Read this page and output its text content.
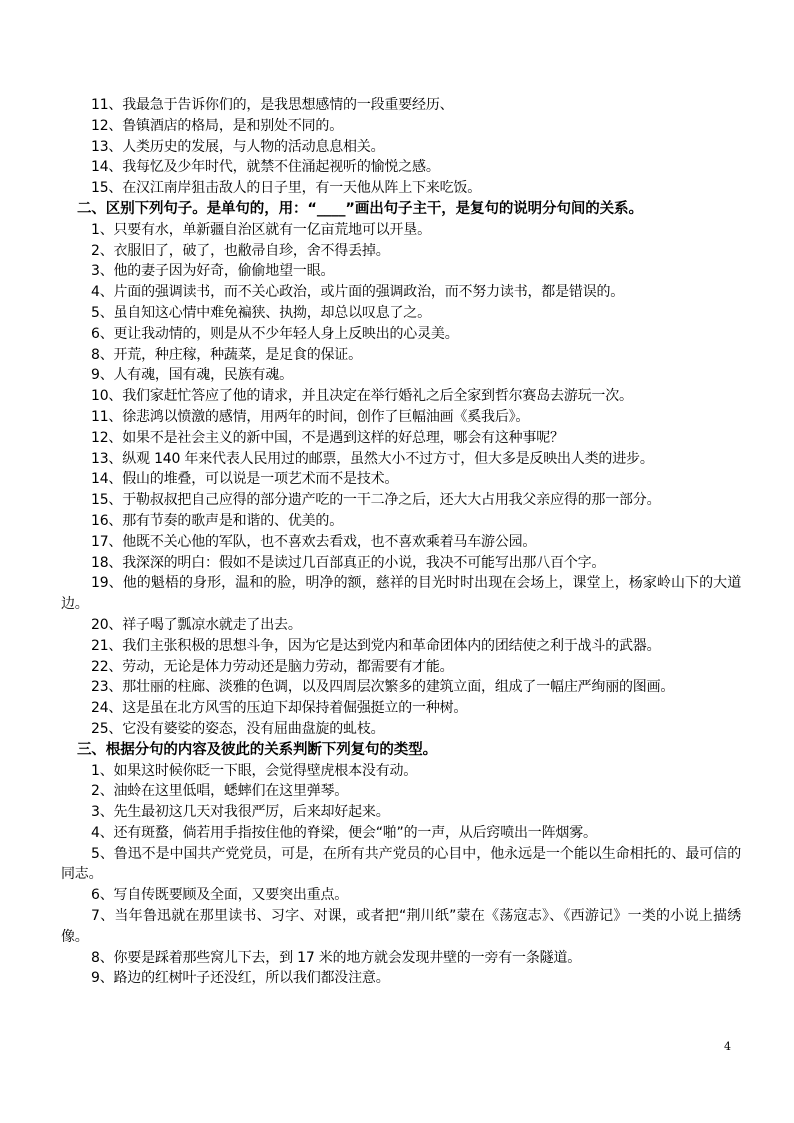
11、我最急于告诉你们的，是我思想感情的一段重要经历、
12、鲁镇酒店的格局，是和别处不同的。
13、人类历史的发展，与人物的活动息息相关。
14、我每忆及少年时代，就禁不住涌起视听的愉悦之感。
15、在汉江南岸狙击敌人的日子里，有一天他从阵上下来吃饭。
二、区别下列句子。是单句的，用：“____”画出句子主干，是复句的说明分句间的关系。
1、只要有水，单新疆自治区就有一亿亩荒地可以开垦。
2、衣服旧了，破了，也敝帚自珍，舍不得丢掉。
3、他的妻子因为好奇，偷偷地望一眼。
4、片面的强调读书，而不关心政治，或片面的强调政治，而不努力读书，都是错误的。
5、虽自知这心情中难免褊狭、执拗，却总以叹息了之。
6、更让我动情的，则是从不少年轻人身上反映出的心灵美。
8、开荒，种庄稼，种蔬菜，是足食的保证。
9、人有魂，国有魂，民族有魂。
10、我们家赶忙答应了他的请求，并且决定在举行婚礼之后全家到哲尔赛岛去游玩一次。
11、徐悲鸿以愤激的感情，用两年的时间，创作了巨幅油画《奚我后》。
12、如果不是社会主义的新中国，不是遇到这样的好总理，哪会有这种事呢？
13、纵观 140 年来代表人民用过的邮票，虽然大小不过方寸，但大多是反映出人类的进步。
14、假山的堆叠，可以说是一项艺术而不是技术。
15、于勒叔叔把自己应得的部分遗产吃的一干二净之后，还大大占用我父亲应得的那一部分。
16、那有节奏的歌声是和谐的、优美的。
17、他既不关心他的军队，也不喜欢去看戏，也不喜欢乘着马车游公园。
18、我深深的明白：假如不是读过几百部真正的小说，我决不可能写出那八百个字。
19、他的魁梧的身形，温和的脸，明净的额，慈祥的目光时时出现在会场上，课堂上，杨家岭山下的大道边。
20、祥子喝了瓢凉水就走了出去。
21、我们主张积极的思想斗争，因为它是达到党内和革命团体内的团结使之利于战斗的武器。
22、劳动，无论是体力劳动还是脑力劳动，都需要有才能。
23、那壮丽的柱廊、淡雅的色调，以及四周层次繁多的建筑立面，组成了一幅庄严绚丽的图画。
24、这是虽在北方风雪的压迫下却保持着倔强挺立的一种树。
25、它没有婆娑的姿态，没有屈曲盘旋的虬枝。
三、根据分句的内容及彼此的关系判断下列复句的类型。
1、如果这时候你眨一下眼，会觉得壁虎根本没有动。
2、油蛉在这里低唱，蟋蟀们在这里弹琴。
3、先生最初这几天对我很严厉，后来却好起来。
4、还有斑蝥，倘若用手指按住他的脊梁，便会“啪”的一声，从后窍喷出一阵烟雾。
5、鲁迅不是中国共产党党员，可是，在所有共产党员的心目中，他永远是一个能以生命相托的、最可信的同志。
6、写自传既要顾及全面，又要突出重点。
7、当年鲁迅就在那里读书、习字、对课，或者把“荆川纸”蒙在《荡寇志》、《西游记》一类的小说上描绣像。
8、你要是踩着那些窝儿下去，到 17 米的地方就会发现井壁的一旁有一条隧道。
9、路边的红树叶子还没红，所以我们都没注意。
4
